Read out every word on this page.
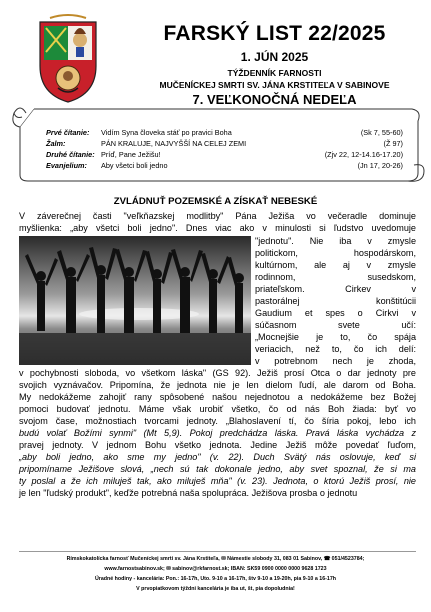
FARSKÝ LIST 22/2025
1. JÚN 2025
TÝŽDENNÍK FARNOSTI
MUČENÍCKEJ SMRTI SV. JÁNA KRSTITEĽA V SABINOVE
7. VEĽKONOČNÁ NEDEĽA
Prvé čítanie: Vidím Syna človeka stáť po pravici Boha	(Sk 7, 55-60)
Žalm:	PÁN KRALUJE, NAJVYŠŠÍ NA CELEJ ZEMI	(Ž 97)
Druhé čítanie: Príď, Pane Ježišu!	(Zjv 22, 12-14.16-17.20)
Evanjelium: Aby všetci boli jedno	(Jn 17, 20-26)
ZVLÁDNUŤ POZEMSKÉ A ZÍSKAŤ NEBESKÉ
V záverečnej časti "veľkňazskej modlitby" Pána Ježiša vo večeradle dominuje
myšlienka: „aby všetci boli jedno". Dnes viac ako v minulosti si ľudstvo uvedomuje
"jednotu". Nie iba v zmysle
politickom, hospodárskom,
kultúrnom, ale aj v zmysle
rodinnom, susedskom,
priateľskom. Cirkev v
pastorálnej konštitúcii
Gaudium et spes o Cirkvi v
súčasnom svete učí:
„Mocnejšie je to, čo spája
veriacich, než to, čo ich delí:
v potrebnom nech je zhoda,
v pochybnosti sloboda, vo všetkom láska" (GS 92). Ježiš prosí Otca o dar jednoty pre
svojich vyznávačov. Pripomína, že jednota nie je len dielom ľudí, ale darom od Boha.
My nedokážeme zahojiť rany spôsobené našou nejednotou a nedokážeme bez Božej
pomoci budovať jednotu. Máme však urobiť všetko, čo od nás Boh žiada: byť vo
svojom čase, možnostiach tvorcami jednoty. „Blahoslavení tí, čo šíria pokoj, lebo ich
budú volať Božími synmi" (Mt 5,9). Pokoj predchádza láska. Pravá láska vychádza z
pravej jednoty. V jednom Bohu všetko jednota. Jedine Ježiš môže povedať ľuďom,
„aby boli jedno, ako sme my jedno" (v. 22). Duch Svätý nás oslovuje, keď si
pripomíname Ježišove slová, „nech sú tak dokonale jedno, aby svet spoznal, že si ma
ty poslal a že ich miluješ tak, ako miluješ mňa" (v. 23). Jednota, o ktorú Ježiš prosí, nie
je len "ľudský produkt", keďže potrebná naša spolupráca. Ježišova prosba o jednotu
Rímskokatolícka farnosť Mučeníckej smrti sv. Jána Krstiteľa, ✉ Námestie slobody 31, 083 01 Sabinov, ☎ 051/4523784;
www.farnostsabinov.sk; ✉ sabinov@rkfarnost.sk; IBAN: SK59 0900 0000 0000 9628 1723
Úradné hodiny - kancelária: Pon.: 16-17h, Uto. 9-10 a 16-17h, štv 9-10 a 19-20h, pia 9-10 a 16-17h
V prvopiatkovom týždni kancelária je iba ut, št, pia dopoludnia!
